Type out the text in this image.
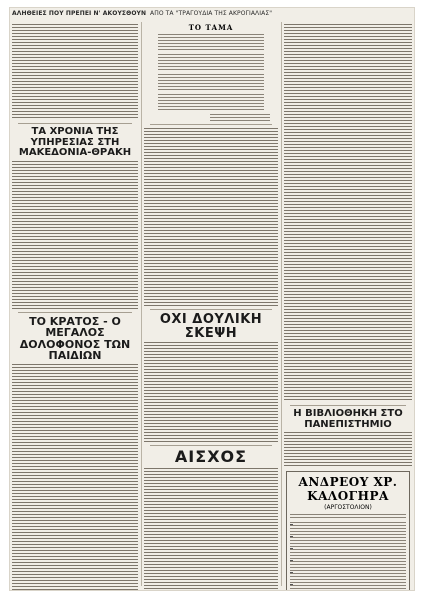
ΑΛΗΘΕΙΕΣ ΠΟΥ ΠΡΕΠΕΙ Ν' ΑΚΟΥΣΘΟΥΝ ΑΠΟ ΤΑ "ΤΡΑΓΟΥΔΙΑ ΤΗΣ ΑΚΡΟΓΙΑΛΙΑΣ"
ΤΑ ΧΡΟΝΙΑ ΤΗΣ ΥΠΗΡΕΣΙΑΣ ΣΤΗ ΜΑΚΕΔΟΝΙΑ-ΘΡΑΚΗ
ΤΟ ΚΡΑΤΟΣ - Ο ΜΕΓΑΛΟΣ ΔΟΛΟΦΟΝΟΣ ΤΩΝ ΠΑΙΔΙΩΝ
ΤΟ ΤΑΜΑ
ΟΧΙ ΔΟΥΛΙΚΗ ΣΚΕΨΗ
ΑΙΣΧΟΣ
Η ΒΙΒΛΙΟΘΗΚΗ ΣΤΟ ΠΑΝΕΠΙΣΤΗΜΙΟ
ΑΝΔΡΕΟΥ ΧΡ. ΚΑΛΟΓΗΡΑ
(ΑΡΓΟΣΤΟΛΙΟΝ)
